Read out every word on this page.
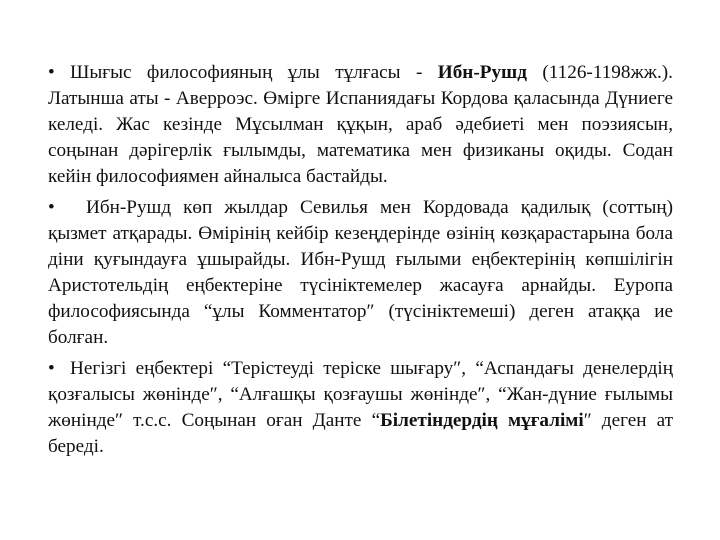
• Шығыс философияның ұлы тұлғасы - Ибн-Рушд (1126-1198жж.). Латынша аты - Аверроэс. Өмірге Испаниядағы Кордова қаласында Дүниеге келеді. Жас кезінде Мұсылман құқын, араб әдебиеті мен поэзиясын, соңынан дәрігерлік ғылымды, математика мен физиканы оқиды. Содан кейін философиямен айналыса бастайды.

• Ибн-Рушд көп жылдар Севилья мен Кордовада қадилық (соттың) қызмет атқарады. Өмірінің кейбір кезеңдерінде өзінің көзқарастарына бола діни қуғындауға ұшырайды. Ибн-Рушд ғылыми еңбектерінің көпшілігін Аристотельдің еңбектеріне түсініктемелер жасауға арнайды. Еуропа философиясында “ұлы Комментатор″ (түсініктемеші) деген атаққа ие болған.

• Негізгі еңбектері “Терістеуді теріске шығару″, “Аспандағы денелердің қозғалысы жөнінде″, “Алғашқы қозғаушы жөнінде″, “Жан-дүние ғылымы жөнінде″ т.с.с. Соңынан оған Данте “Білетіндердің мұғалімі″ деген ат береді.
